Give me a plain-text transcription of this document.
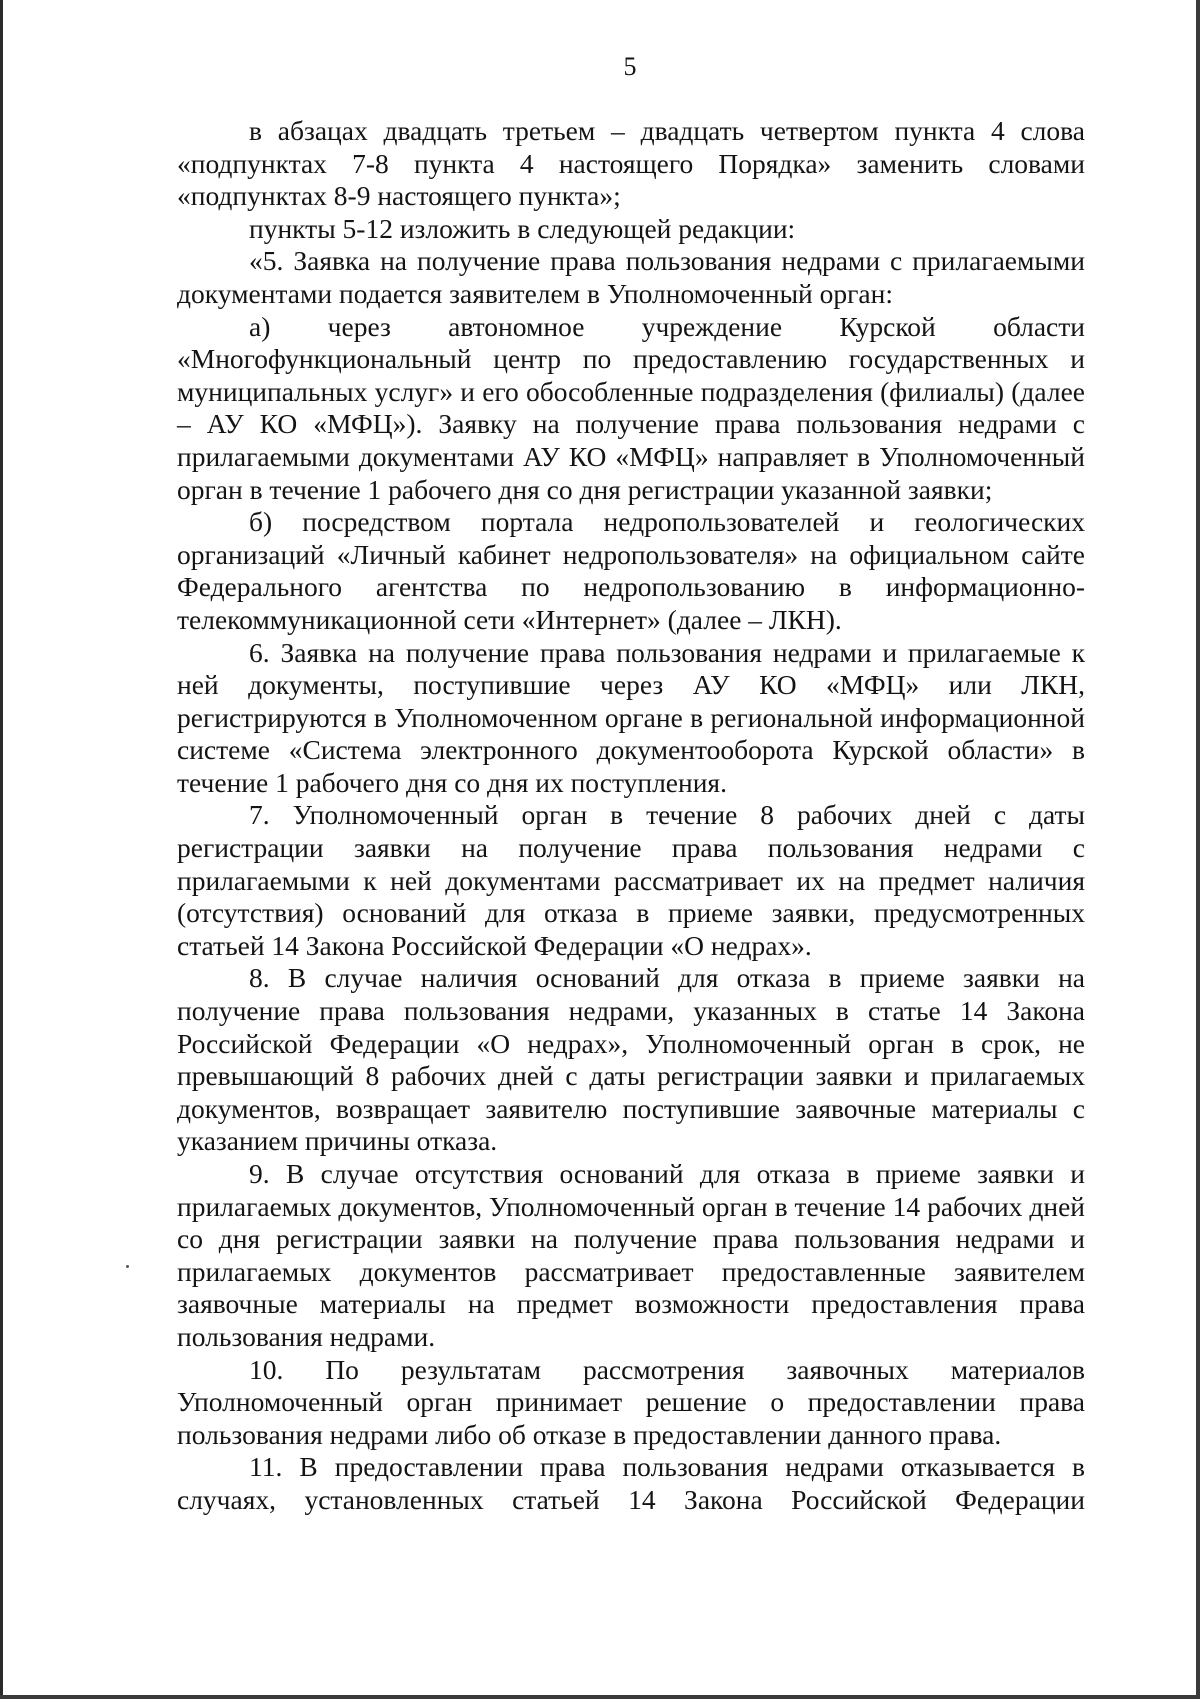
5

в абзацах двадцать третьем – двадцать четвертом пункта 4 слова «подпунктах 7-8 пункта 4 настоящего Порядка» заменить словами «подпунктах 8-9 настоящего пункта»;

пункты 5-12 изложить в следующей редакции:

«5. Заявка на получение права пользования недрами с прилагаемыми документами подается заявителем в Уполномоченный орган:

а) через автономное учреждение Курской области «Многофункциональный центр по предоставлению государственных и муниципальных услуг» и его обособленные подразделения (филиалы) (далее – АУ КО «МФЦ»). Заявку на получение права пользования недрами с прилагаемыми документами АУ КО «МФЦ» направляет в Уполномоченный орган в течение 1 рабочего дня со дня регистрации указанной заявки;

б) посредством портала недропользователей и геологических организаций «Личный кабинет недропользователя» на официальном сайте Федерального агентства по недропользованию в информационно-телекоммуникационной сети «Интернет» (далее – ЛКН).

6. Заявка на получение права пользования недрами и прилагаемые к ней документы, поступившие через АУ КО «МФЦ» или ЛКН, регистрируются в Уполномоченном органе в региональной информационной системе «Система электронного документооборота Курской области» в течение 1 рабочего дня со дня их поступления.

7. Уполномоченный орган в течение 8 рабочих дней с даты регистрации заявки на получение права пользования недрами с прилагаемыми к ней документами рассматривает их на предмет наличия (отсутствия) оснований для отказа в приеме заявки, предусмотренных статьей 14 Закона Российской Федерации «О недрах».

8. В случае наличия оснований для отказа в приеме заявки на получение права пользования недрами, указанных в статье 14 Закона Российской Федерации «О недрах», Уполномоченный орган в срок, не превышающий 8 рабочих дней с даты регистрации заявки и прилагаемых документов, возвращает заявителю поступившие заявочные материалы с указанием причины отказа.

9. В случае отсутствия оснований для отказа в приеме заявки и прилагаемых документов, Уполномоченный орган в течение 14 рабочих дней со дня регистрации заявки на получение права пользования недрами и прилагаемых документов рассматривает предоставленные заявителем заявочные материалы на предмет возможности предоставления права пользования недрами.

10. По результатам рассмотрения заявочных материалов Уполномоченный орган принимает решение о предоставлении права пользования недрами либо об отказе в предоставлении данного права.

11. В предоставлении права пользования недрами отказывается в случаях, установленных статьей 14 Закона Российской Федерации
